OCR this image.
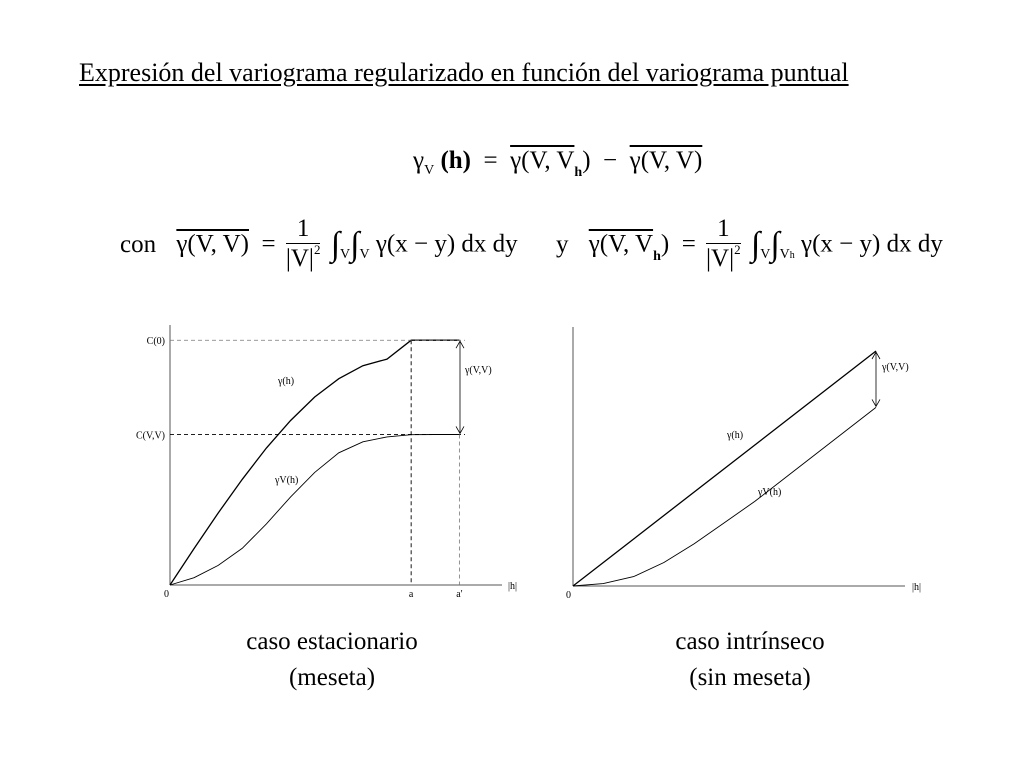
Expresión del variograma regularizado en función del variograma puntual
$\gamma_V$ (h)  =  γ(V, $V_h) - \gamma(V$, V)
con γ(V, $V) = \frac{1}{|V|^2} \int_V\int_V$ γ(x − y) dx dy y γ(V, $V_h) = \frac{1}{|V|^2} \int_V\int_{Vh}$ γ(x − y) dx dy
C(0)
C(V,V)
0	a	a'
|h|
γ(V,V)
γ(h)
γV(h)
0
|h|
γ(V,V)
γ(h)
γV(h)
caso estacionario
(meseta)
caso intrínseco
(sin meseta)
